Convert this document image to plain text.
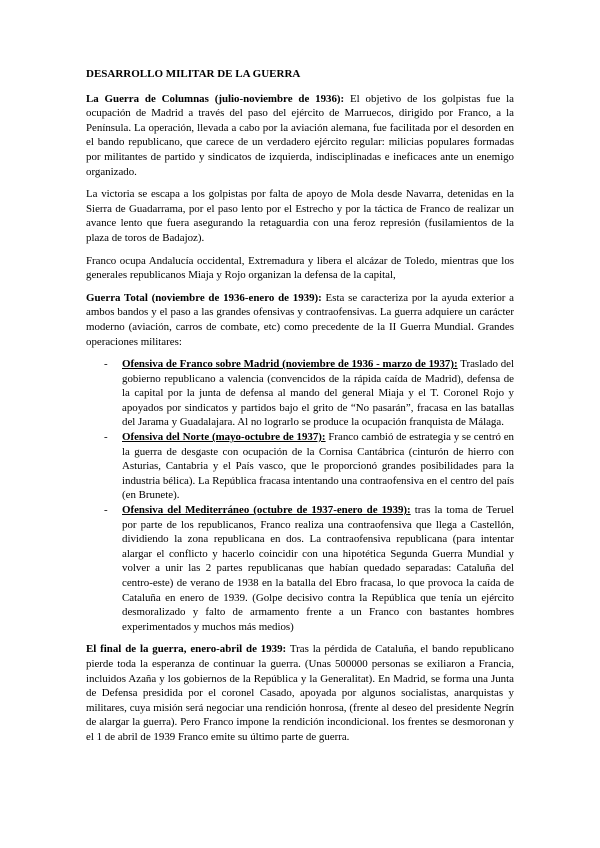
DESARROLLO MILITAR DE LA GUERRA

La Guerra de Columnas (julio-noviembre de 1936): El objetivo de los golpistas fue la ocupación de Madrid a través del paso del ejército de Marruecos, dirigido por Franco, a la Península. La operación, llevada a cabo por la aviación alemana, fue facilitada por el desorden en el bando republicano, que carece de un verdadero ejército regular: milicias populares formadas por militantes de partido y sindicatos de izquierda, indisciplinadas e ineficaces ante un enemigo organizado.

La victoria se escapa a los golpistas por falta de apoyo de Mola desde Navarra, detenidas en la Sierra de Guadarrama, por el paso lento por el Estrecho y por la táctica de Franco de realizar un avance lento que fuera asegurando la retaguardia con una feroz represión (fusilamientos de la plaza de toros de Badajoz).

Franco ocupa Andalucía occidental, Extremadura y libera el alcázar de Toledo, mientras que los generales republicanos Miaja y Rojo organizan la defensa de la capital,

Guerra Total (noviembre de 1936-enero de 1939): Esta se caracteriza por la ayuda exterior a ambos bandos y el paso a las grandes ofensivas y contraofensivas. La guerra adquiere un carácter moderno (aviación, carros de combate, etc) como precedente de la II Guerra Mundial. Grandes operaciones militares:

- Ofensiva de Franco sobre Madrid (noviembre de 1936 - marzo de 1937): Traslado del gobierno republicano a valencia (convencidos de la rápida caída de Madrid), defensa de la capital por la junta de defensa al mando del general Miaja y el T. Coronel Rojo y apoyados por sindicatos y partidos bajo el grito de “No pasarán”, fracasa en las batallas del Jarama y Guadalajara. Al no lograrlo se produce la ocupación franquista de Málaga.
- Ofensiva del Norte (mayo-octubre de 1937): Franco cambió de estrategia y se centró en la guerra de desgaste con ocupación de la Cornisa Cantábrica (cinturón de hierro con Asturias, Cantabria y el País vasco, que le proporcionó grandes posibilidades para la industria bélica). La República fracasa intentando una contraofensiva en el centro del país (en Brunete).
- Ofensiva del Mediterráneo (octubre de 1937-enero de 1939): tras la toma de Teruel por parte de los republicanos, Franco realiza una contraofensiva que llega a Castellón, dividiendo la zona republicana en dos. La contraofensiva republicana (para intentar alargar el conflicto y hacerlo coincidir con una hipotética Segunda Guerra Mundial y volver a unir las 2 partes republicanas que habían quedado separadas: Cataluña del centro-este) de verano de 1938 en la batalla del Ebro fracasa, lo que provoca la caída de Cataluña en enero de 1939. (Golpe decisivo contra la República que tenía un ejército desmoralizado y falto de armamento frente a un Franco con bastantes hombres experimentados y muchos más medios)

El final de la guerra, enero-abril de 1939: Tras la pérdida de Cataluña, el bando republicano pierde toda la esperanza de continuar la guerra. (Unas 500000 personas se exiliaron a Francia, incluidos Azaña y los gobiernos de la República y la Generalitat). En Madrid, se forma una Junta de Defensa presidida por el coronel Casado, apoyada por algunos socialistas, anarquistas y militares, cuya misión será negociar una rendición honrosa, (frente al deseo del presidente Negrín de alargar la guerra). Pero Franco impone la rendición incondicional. los frentes se desmoronan y el 1 de abril de 1939 Franco emite su último parte de guerra.
